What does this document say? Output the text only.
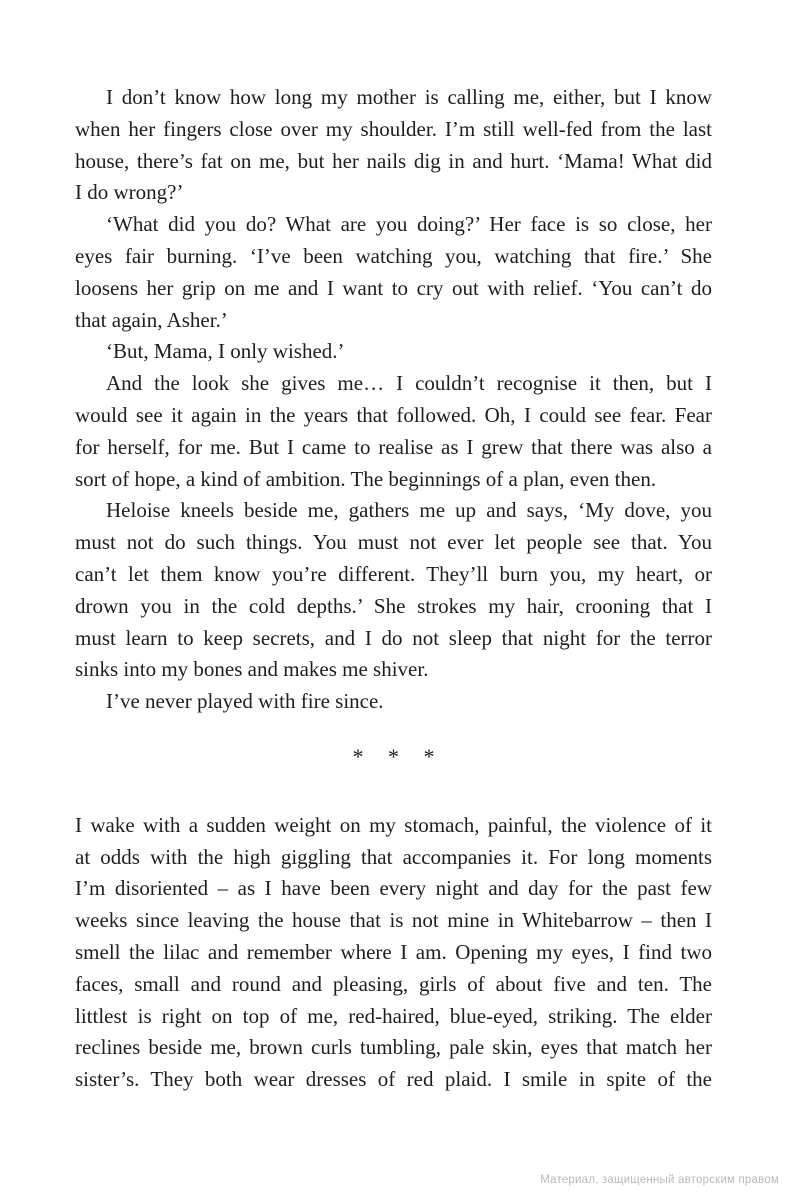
I don’t know how long my mother is calling me, either, but I know
when her fingers close over my shoulder. I’m still well-fed from the last
house, there’s fat on me, but her nails dig in and hurt. ‘Mama! What did
I do wrong?’
‘What did you do? What are you doing?’ Her face is so close, her
eyes fair burning. ‘I’ve been watching you, watching that fire.’ She
loosens her grip on me and I want to cry out with relief. ‘You can’t do
that again, Asher.’
‘But, Mama, I only wished.’
And the look she gives me… I couldn’t recognise it then, but I
would see it again in the years that followed. Oh, I could see fear. Fear
for herself, for me. But I came to realise as I grew that there was also a
sort of hope, a kind of ambition. The beginnings of a plan, even then.
Heloise kneels beside me, gathers me up and says, ‘My dove, you
must not do such things. You must not ever let people see that. You
can’t let them know you’re different. They’ll burn you, my heart, or
drown you in the cold depths.’ She strokes my hair, crooning that I
must learn to keep secrets, and I do not sleep that night for the terror
sinks into my bones and makes me shiver.
I’ve never played with fire since.
* * *
I wake with a sudden weight on my stomach, painful, the violence of it
at odds with the high giggling that accompanies it. For long moments
I’m disoriented – as I have been every night and day for the past few
weeks since leaving the house that is not mine in Whitebarrow – then I
smell the lilac and remember where I am. Opening my eyes, I find two
faces, small and round and pleasing, girls of about five and ten. The
littlest is right on top of me, red-haired, blue-eyed, striking. The elder
reclines beside me, brown curls tumbling, pale skin, eyes that match her
sister’s. They both wear dresses of red plaid. I smile in spite of the
Материал, защищенный авторским правом
